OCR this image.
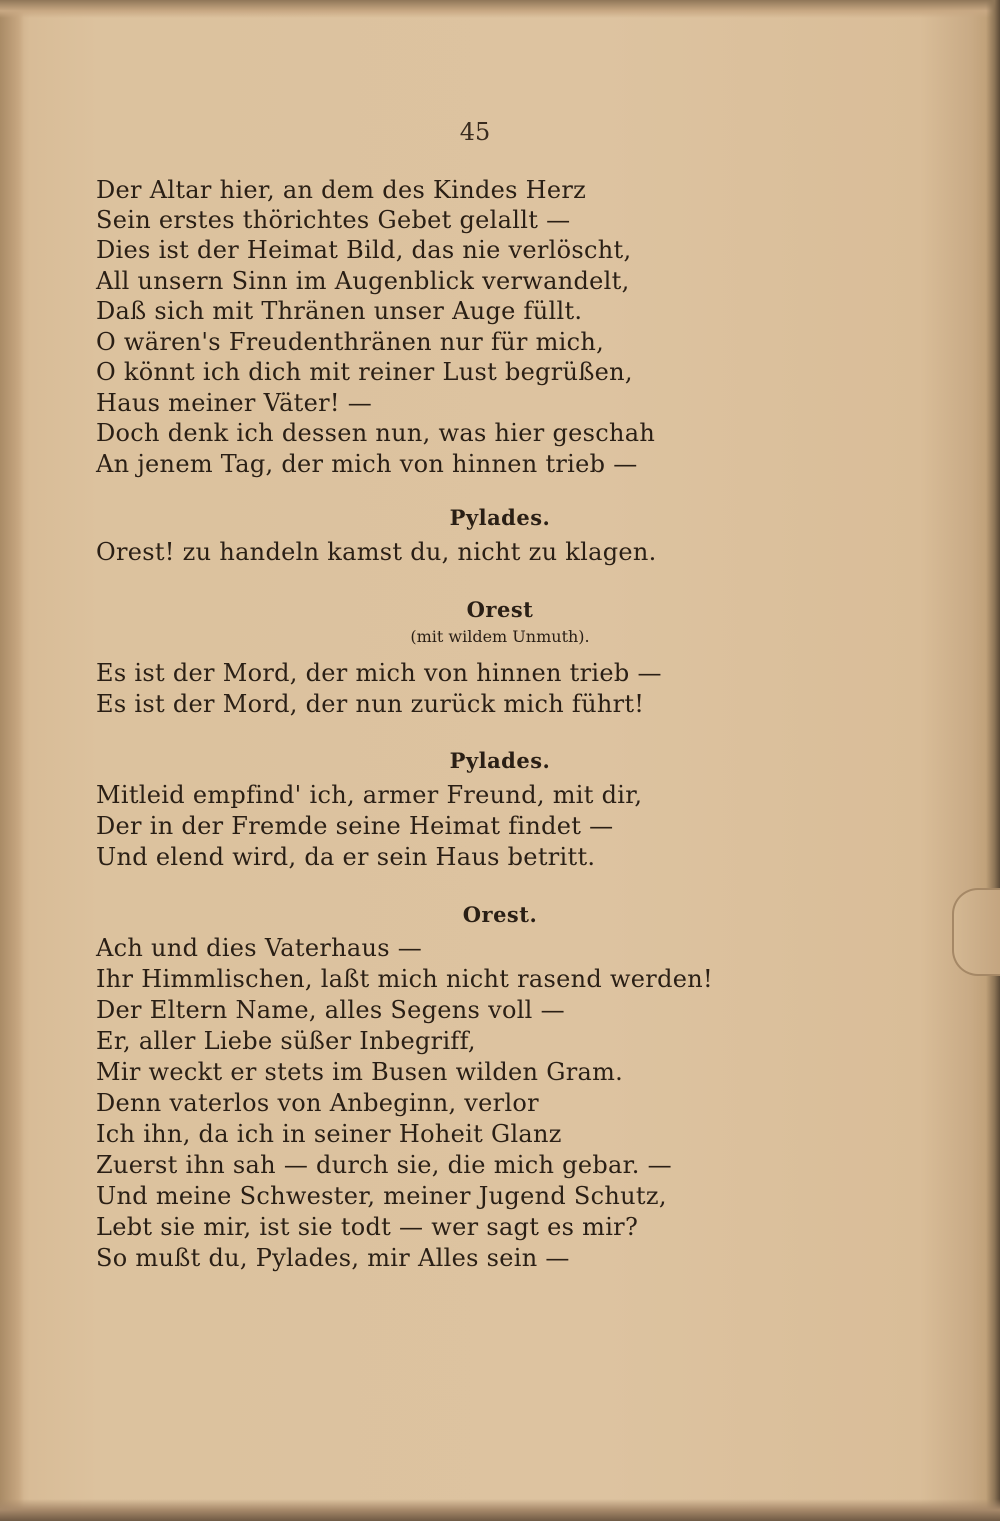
45
Der Altar hier, an dem des Kindes Herz
Sein erstes thörichtes Gebet gelallt —
Dies ist der Heimat Bild, das nie verlöscht,
All unsern Sinn im Augenblick verwandelt,
Daß sich mit Thränen unser Auge füllt.
O wären's Freudenthränen nur für mich,
O könnt ich dich mit reiner Lust begrüßen,
Haus meiner Väter! —
Doch denk ich dessen nun, was hier geschah
An jenem Tag, der mich von hinnen trieb —
Pylades.
Orest! zu handeln kamst du, nicht zu klagen.
Orest
(mit wildem Unmuth).
Es ist der Mord, der mich von hinnen trieb —
Es ist der Mord, der nun zurück mich führt!
Pylades.
Mitleid empfind' ich, armer Freund, mit dir,
Der in der Fremde seine Heimat findet —
Und elend wird, da er sein Haus betritt.
Orest.
Ach und dies Vaterhaus —
Ihr Himmlischen, laßt mich nicht rasend werden!
Der Eltern Name, alles Segens voll —
Er, aller Liebe süßer Inbegriff,
Mir weckt er stets im Busen wilden Gram.
Denn vaterlos von Anbeginn, verlor
Ich ihn, da ich in seiner Hoheit Glanz
Zuerst ihn sah — durch sie, die mich gebar. —
Und meine Schwester, meiner Jugend Schutz,
Lebt sie mir, ist sie todt — wer sagt es mir?
So mußt du, Pylades, mir Alles sein —
